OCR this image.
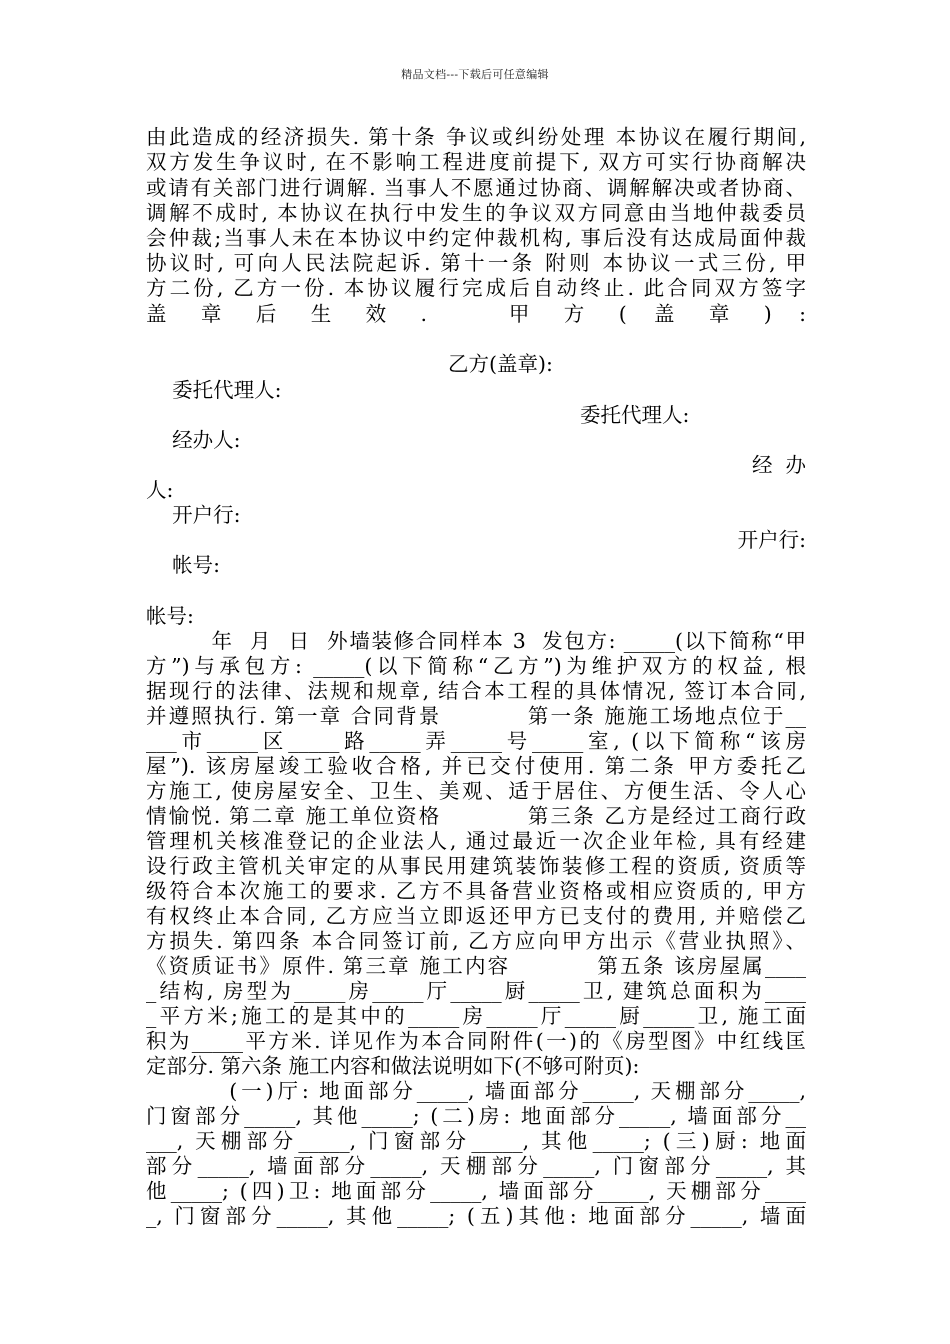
精品文档---下载后可任意编辑
由此造成的经济损失. 第十条 争议或纠纷处理 本协议在履行期间,
双方发生争议时, 在不影响工程进度前提下, 双方可实行协商解决
或请有关部门进行调解. 当事人不愿通过协商、调解解决或者协商、
调解不成时, 本协议在执行中发生的争议双方同意由当地仲裁委员
会仲裁;当事人未在本协议中约定仲裁机构, 事后没有达成局面仲裁
协议时, 可向人民法院起诉. 第十一条 附则 本协议一式三份, 甲
方二份, 乙方一份. 本协议履行完成后自动终止. 此合同双方签字
盖  章  后  生  效  .      甲  方  (  盖  章  )  :
乙方(盖章):
委托代理人:
委托代理人:
经办人:
经  办
人:
开户行:
开户行:
帐号:
帐号:
年  月  日  外墙装修合同样本 3  发包方: _____(以下简称“甲
方”)与承包方: _____(以下简称“乙方”)为维护双方的权益, 根
据现行的法律、法规和规章, 结合本工程的具体情况, 签订本合同,
并遵照执行. 第一章 合同背景          第一条 施施工场地点位于__
___市_____区_____路_____弄_____号_____室, (以下简称“该房
屋”). 该房屋竣工验收合格, 并已交付使用. 第二条 甲方委托乙
方施工, 使房屋安全、卫生、美观、适于居住、方便生活、令人心
情愉悦. 第二章 施工单位资格          第三条 乙方是经过工商行政
管理机关核准登记的企业法人, 通过最近一次企业年检, 具有经建
设行政主管机关审定的从事民用建筑装饰装修工程的资质, 资质等
级符合本次施工的要求. 乙方不具备营业资格或相应资质的, 甲方
有权终止本合同, 乙方应当立即返还甲方已支付的费用, 并赔偿乙
方损失. 第四条 本合同签订前, 乙方应向甲方出示《营业执照》、
《资质证书》原件. 第三章 施工内容          第五条 该房屋属____
_结构, 房型为_____房_____厅_____厨_____卫, 建筑总面积为____
_平方米;施工的是其中的_____房_____厅_____厨_____卫, 施工面
积为_____平方米. 详见作为本合同附件(一)的《房型图》中红线匡
定部分. 第六条 施工内容和做法说明如下(不够可附页):
(一)厅: 地面部分_____, 墙面部分_____, 天棚部分_____,
门窗部分_____, 其他_____; (二)房: 地面部分_____, 墙面部分__
___, 天棚部分_____, 门窗部分_____, 其他_____; (三)厨: 地面
部分_____, 墙面部分_____, 天棚部分_____, 门窗部分_____, 其
他_____; (四)卫: 地面部分_____, 墙面部分_____, 天棚部分____
_, 门窗部分_____, 其他_____; (五)其他: 地面部分_____, 墙面
